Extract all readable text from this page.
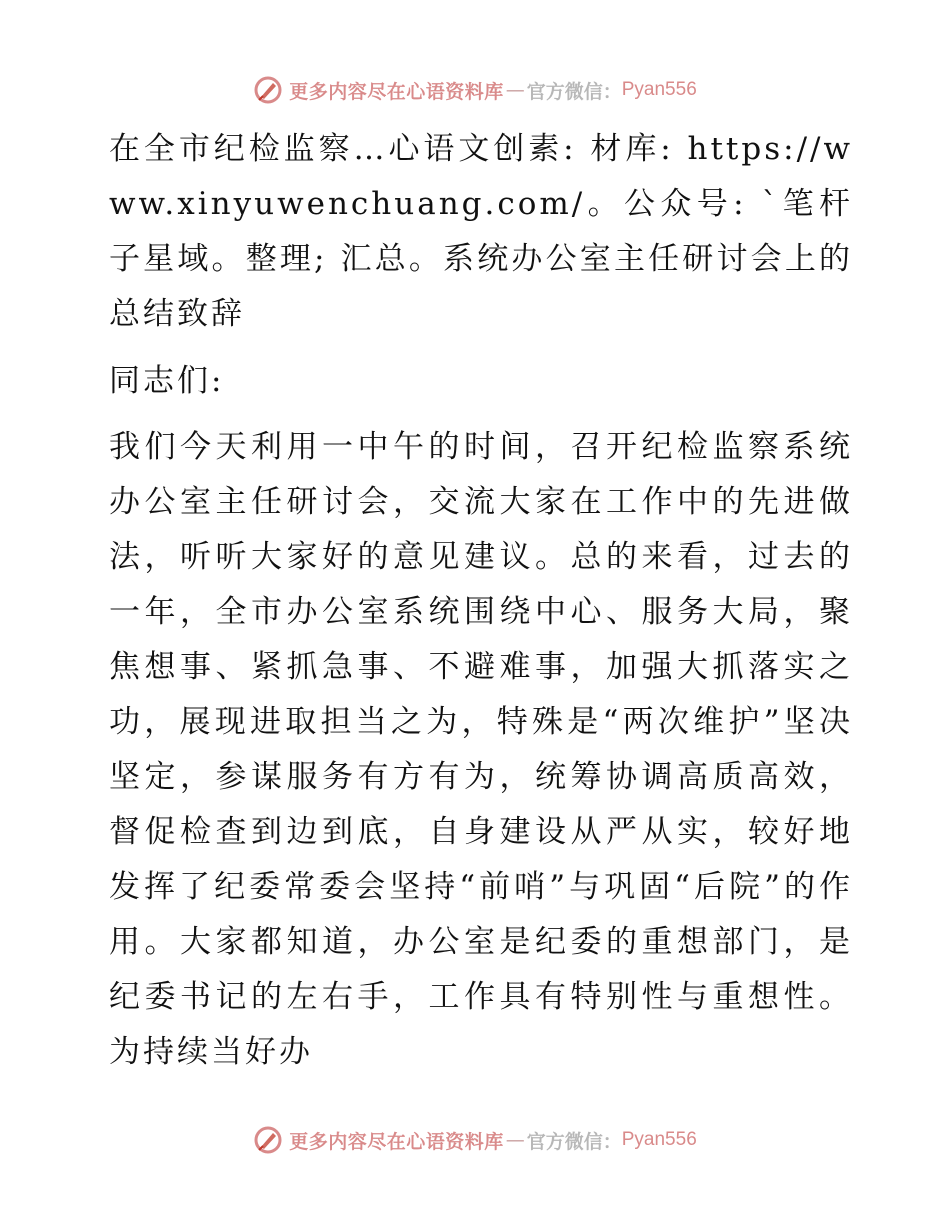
更多内容尽在心语资料库 — 官方微信： Pyan556

在全市纪检监察…心语文创素: 材库: https://www.xinyuwenchuang.com/。公众号: `笔杆子星域。整理; 汇总。系统办公室主任研讨会上的总结致辞

同志们:

我们今天利用一中午的时间，召开纪检监察系统办公室主任研讨会，交流大家在工作中的先进做法，听听大家好的意见建议。总的来看，过去的一年，全市办公室系统围绕中心、服务大局，聚焦想事、紧抓急事、不避难事，加强大抓落实之功，展现进取担当之为，特殊是“两次维护”坚决坚定，参谋服务有方有为，统筹协调高质高效，督促检查到边到底，自身建设从严从实，较好地发挥了纪委常委会坚持“前哨”与巩固“后院”的作用。大家都知道，办公室是纪委的重想部门，是纪委书记的左右手，工作具有特别性与重想性。为持续当好办

更多内容尽在心语资料库 — 官方微信： Pyan556
